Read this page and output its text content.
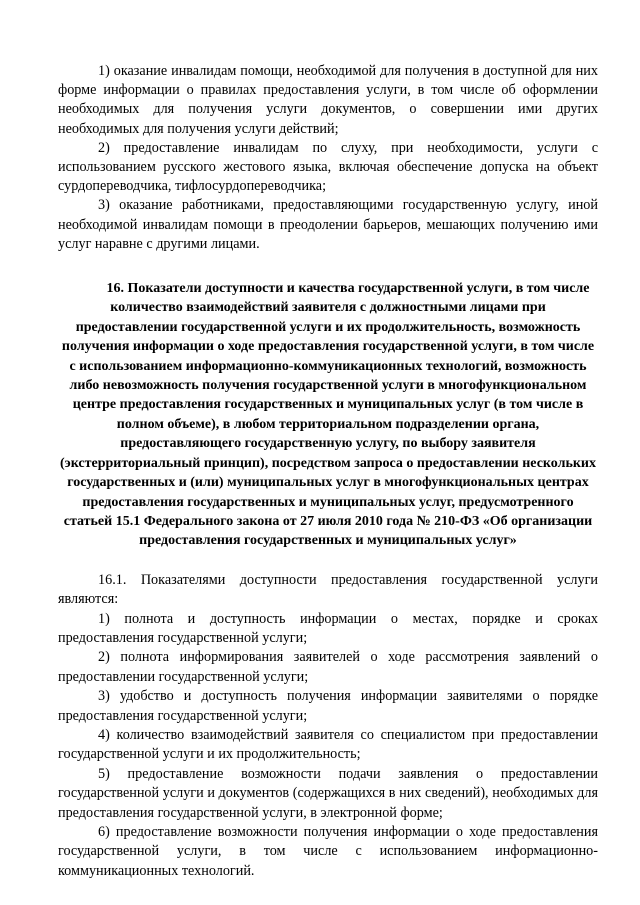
1) оказание инвалидам помощи, необходимой для получения в доступной для них форме информации о правилах предоставления услуги, в том числе об оформлении необходимых для получения услуги документов, о совершении ими других необходимых для получения услуги действий;

2) предоставление инвалидам по слуху, при необходимости, услуги с использованием русского жестового языка, включая обеспечение допуска на объект сурдопереводчика, тифлосурдопереводчика;

3) оказание работниками, предоставляющими государственную услугу, иной необходимой инвалидам помощи в преодолении барьеров, мешающих получению ими услуг наравне с другими лицами.

16. Показатели доступности и качества государственной услуги, в том числе количество взаимодействий заявителя с должностными лицами при предоставлении государственной услуги и их продолжительность, возможность получения информации о ходе предоставления государственной услуги, в том числе с использованием информационно-коммуникационных технологий, возможность либо невозможность получения государственной услуги в многофункциональном центре предоставления государственных и муниципальных услуг (в том числе в полном объеме), в любом территориальном подразделении органа, предоставляющего государственную услугу, по выбору заявителя (экстерриториальный принцип), посредством запроса о предоставлении нескольких государственных и (или) муниципальных услуг в многофункциональных центрах предоставления государственных и муниципальных услуг, предусмотренного статьей 15.1 Федерального закона от 27 июля 2010 года № 210-ФЗ «Об организации предоставления государственных и муниципальных услуг»

16.1. Показателями доступности предоставления государственной услуги являются:

1) полнота и доступность информации о местах, порядке и сроках предоставления государственной услуги;

2) полнота информирования заявителей о ходе рассмотрения заявлений о предоставлении государственной услуги;

3) удобство и доступность получения информации заявителями о порядке предоставления государственной услуги;

4) количество взаимодействий заявителя со специалистом при предоставлении государственной услуги и их продолжительность;

5) предоставление возможности подачи заявления о предоставлении государственной услуги и документов (содержащихся в них сведений), необходимых для предоставления государственной услуги, в электронной форме;

6) предоставление возможности получения информации о ходе предоставления государственной услуги, в том числе с использованием информационно-коммуникационных технологий.
